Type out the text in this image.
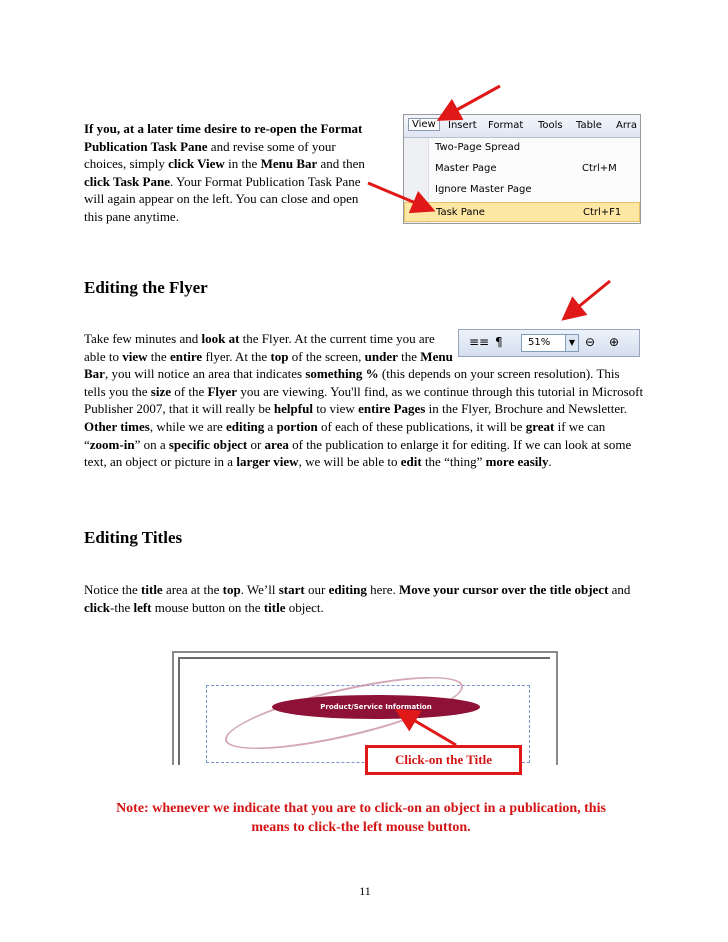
If you, at a later time desire to re-open the Format Publication Task Pane and revise some of your choices, simply click View in the Menu Bar and then click Task Pane. Your Format Publication Task Pane will again appear on the left. You can close and open this pane anytime.

View	Insert Format Tools Table Arra
Two-Page Spread
Master Page	Ctrl+M
Ignore Master Page
Task Pane	Ctrl+F1
Editing the Flyer
≡≡ ¶	51%	▼ ⊖ ⊕

Take few minutes and look at the Flyer. At the current time you are able to view the entire flyer. At the top of the screen, under the Menu Bar, you will notice an area that indicates something % (this depends on your screen resolution). This tells you the size of the Flyer you are viewing. You'll find, as we continue through this tutorial in Microsoft Publisher 2007, that it will really be helpful to view entire Pages in the Flyer, Brochure and Newsletter. Other times, while we are editing a portion of each of these publications, it will be great if we can “zoom-in” on a specific object or area of the publication to enlarge it for editing. If we can look at some text, an object or picture in a larger view, we will be able to edit the “thing” more easily.

Editing Titles

Notice the title area at the top. We’ll start our editing here. Move your cursor over the title object and click-the left mouse button on the title object.

Product/Service Information
Click-on the Title

Note: whenever we indicate that you are to click-on an object in a publication, this means to click-the left mouse button.

11
